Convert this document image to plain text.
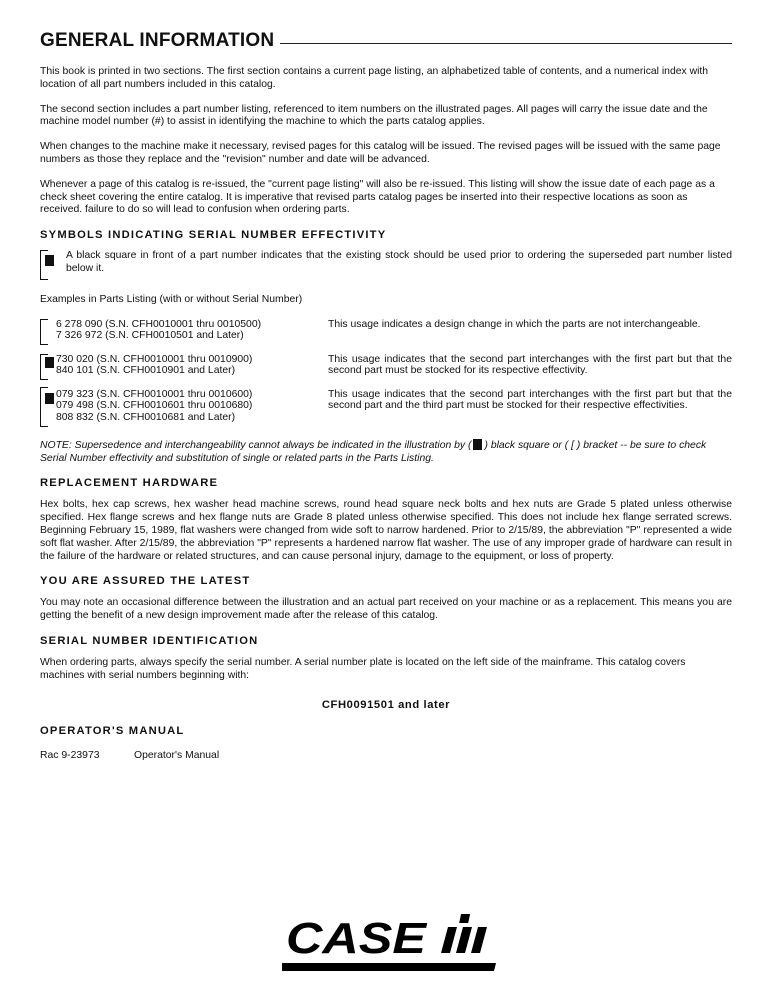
GENERAL INFORMATION

This book is printed in two sections. The first section contains a current page listing, an alphabetized table of contents, and a numerical index with location of all part numbers included in this catalog.

The second section includes a part number listing, referenced to item numbers on the illustrated pages. All pages will carry the issue date and the machine model number (#) to assist in identifying the machine to which the parts catalog applies.

When changes to the machine make it necessary, revised pages for this catalog will be issued. The revised pages will be issued with the same page numbers as those they replace and the "revision" number and date will be advanced.

Whenever a page of this catalog is re-issued, the "current page listing" will also be re-issued. This listing will show the issue date of each page as a check sheet covering the entire catalog. It is imperative that revised parts catalog pages be inserted into their respective locations as soon as received. failure to do so will lead to confusion when ordering parts.

SYMBOLS INDICATING SERIAL NUMBER EFFECTIVITY

A black square in front of a part number indicates that the existing stock should be used prior to ordering the superseded part number listed below it.

Examples in Parts Listing (with or without Serial Number)

6 278 090 (S.N. CFH0010001 thru 0010500)
7 326 972 (S.N. CFH0010501 and Later)
This usage indicates a design change in which the parts are not interchangeable.
730 020 (S.N. CFH0010001 thru 0010900)
840 101 (S.N. CFH0010901 and Later)
This usage indicates that the second part interchanges with the first part but that the second part must be stocked for its respective effectivity.
079 323 (S.N. CFH0010001 thru 0010600)
079 498 (S.N. CFH0010601 thru 0010680)
808 832 (S.N. CFH0010681 and Later)
This usage indicates that the second part interchanges with the first part but that the second part and the third part must be stocked for their respective effectivities.

NOTE: Supersedence and interchangeability cannot always be indicated in the illustration by ( ) black square or ( [ ) bracket -- be sure to check Serial Number effectivity and substitution of single or related parts in the Parts Listing.

REPLACEMENT HARDWARE

Hex bolts, hex cap screws, hex washer head machine screws, round head square neck bolts and hex nuts are Grade 5 plated unless otherwise specified. Hex flange screws and hex flange nuts are Grade 8 plated unless otherwise specified. This does not include hex flange serrated screws. Beginning February 15, 1989, flat washers were changed from wide soft to narrow hardened. Prior to 2/15/89, the abbreviation "P" represented a wide soft flat washer. After 2/15/89, the abbreviation "P" represents a hardened narrow flat washer. The use of any improper grade of hardware can result in the failure of the hardware or related structures, and can cause personal injury, damage to the equipment, or loss of property.

YOU ARE ASSURED THE LATEST

You may note an occasional difference between the illustration and an actual part received on your machine or as a replacement. This means you are getting the benefit of a new design improvement made after the release of this catalog.

SERIAL NUMBER IDENTIFICATION

When ordering parts, always specify the serial number. A serial number plate is located on the left side of the mainframe. This catalog covers machines with serial numbers beginning with:

CFH0091501 and later

OPERATOR'S MANUAL

Rac 9-23973	Operator's Manual
CASE
